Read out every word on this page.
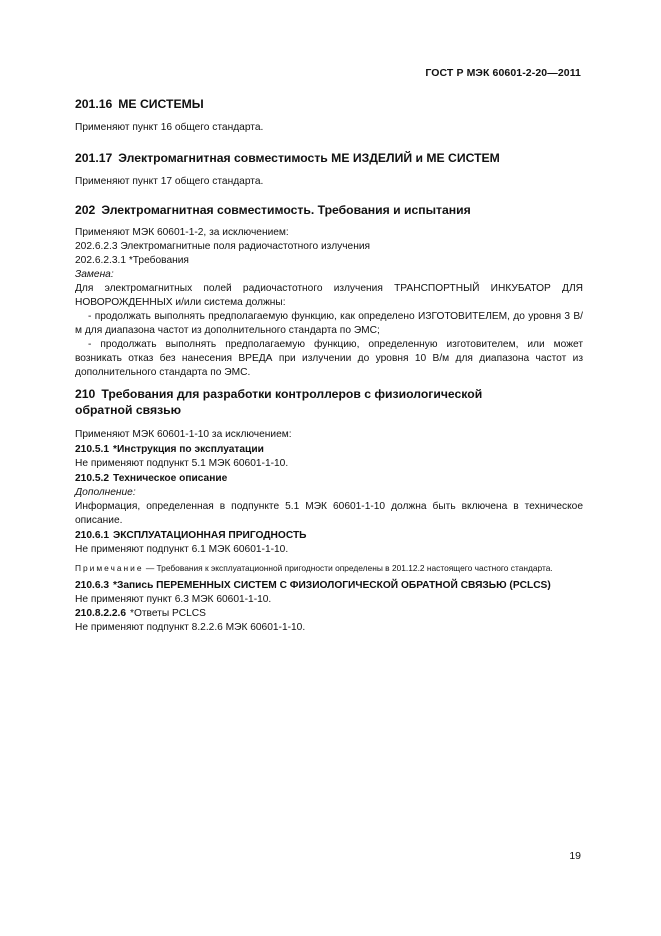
ГОСТ Р МЭК 60601-2-20—2011

201.16 МЕ СИСТЕМЫ

Применяют пункт 16 общего стандарта.

201.17 Электромагнитная совместимость МЕ ИЗДЕЛИЙ и МЕ СИСТЕМ

Применяют пункт 17 общего стандарта.

202 Электромагнитная совместимость. Требования и испытания

Применяют МЭК 60601-1-2, за исключением:

202.6.2.3 Электромагнитные поля радиочастотного излучения

202.6.2.3.1 *Требования

Замена:

Для электромагнитных полей радиочастотного излучения ТРАНСПОРТНЫЙ ИНКУБАТОР ДЛЯ НОВОРОЖДЕННЫХ и/или система должны:

- продолжать выполнять предполагаемую функцию, как определено ИЗГОТОВИТЕЛЕМ, до уровня 3 В/м для диапазона частот из дополнительного стандарта по ЭМС;

- продолжать выполнять предполагаемую функцию, определенную изготовителем, или может возникать отказ без нанесения ВРЕДА при излучении до уровня 10 В/м для диапазона частот из дополнительного стандарта по ЭМС.

210 Требования для разработки контроллеров с физиологической

обратной связью

Применяют МЭК 60601-1-10 за исключением:

210.5.1 *Инструкция по эксплуатации

Не применяют подпункт 5.1 МЭК 60601-1-10.

210.5.2 Техническое описание

Дополнение:

Информация, определенная в подпункте 5.1 МЭК 60601-1-10 должна быть включена в техническое описание.

210.6.1 ЭКСПЛУАТАЦИОННАЯ ПРИГОДНОСТЬ

Не применяют подпункт 6.1 МЭК 60601-1-10.

Примечание — Требования к эксплуатационной пригодности определены в 201.12.2 настоящего частного стандарта.

210.6.3 *Запись ПЕРЕМЕННЫХ СИСТЕМ С ФИЗИОЛОГИЧЕСКОЙ ОБРАТНОЙ СВЯЗЬЮ (PCLCS)

Не применяют пункт 6.3 МЭК 60601-1-10.

210.8.2.2.6 *Ответы PCLCS

Не применяют подпункт 8.2.2.6 МЭК 60601-1-10.

19
